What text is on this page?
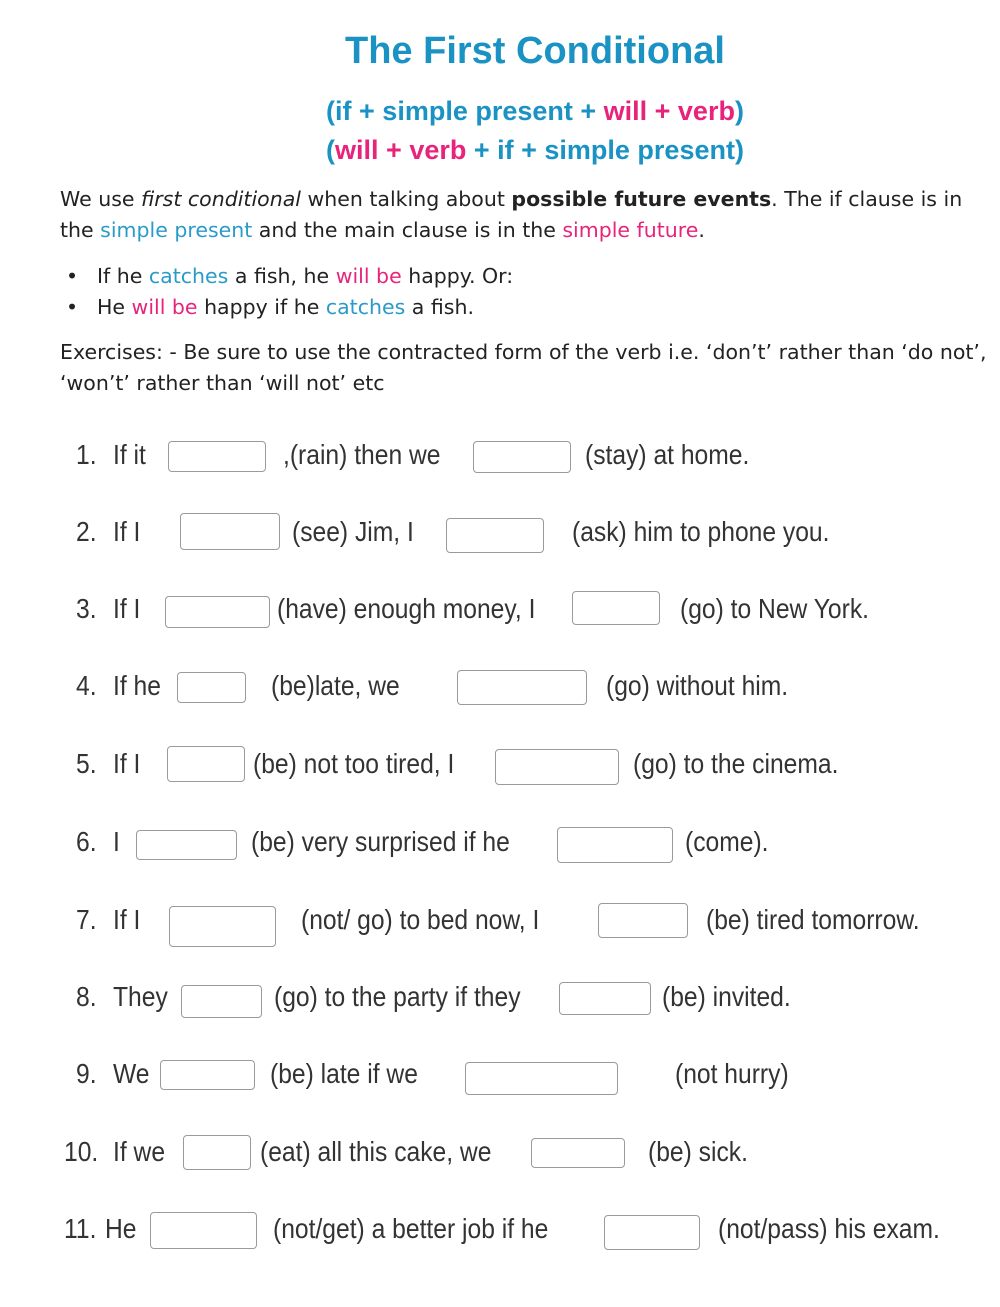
The First Conditional
(if + simple present + will + verb)
(will + verb + if + simple present)
We use first conditional when talking about possible future events. The if clause is in the simple present and the main clause is in the simple future.
• If he catches a fish, he will be happy. Or:
• He will be happy if he catches a fish.
Exercises: - Be sure to use the contracted form of the verb i.e. ‘don’t’ rather than ‘do not’, ‘won’t’ rather than ‘will not’ etc
1. If it	,(rain) then we	(stay) at home.
2. If I	(see) Jim, I	(ask) him to phone you.
3. If I	(have) enough money, I	(go) to New York.
4. If he	(be)late, we	(go) without him.
5. If I	(be) not too tired, I	(go) to the cinema.
6. I	(be) very surprised if he	(come).
7. If I	(not/ go) to bed now, I	(be) tired tomorrow.
8. They	(go) to the party if they	(be) invited.
9. We	(be) late if we	(not hurry)
10. If we	(eat) all this cake, we	(be) sick.
11. He	(not/get) a better job if he	(not/pass) his exam.
